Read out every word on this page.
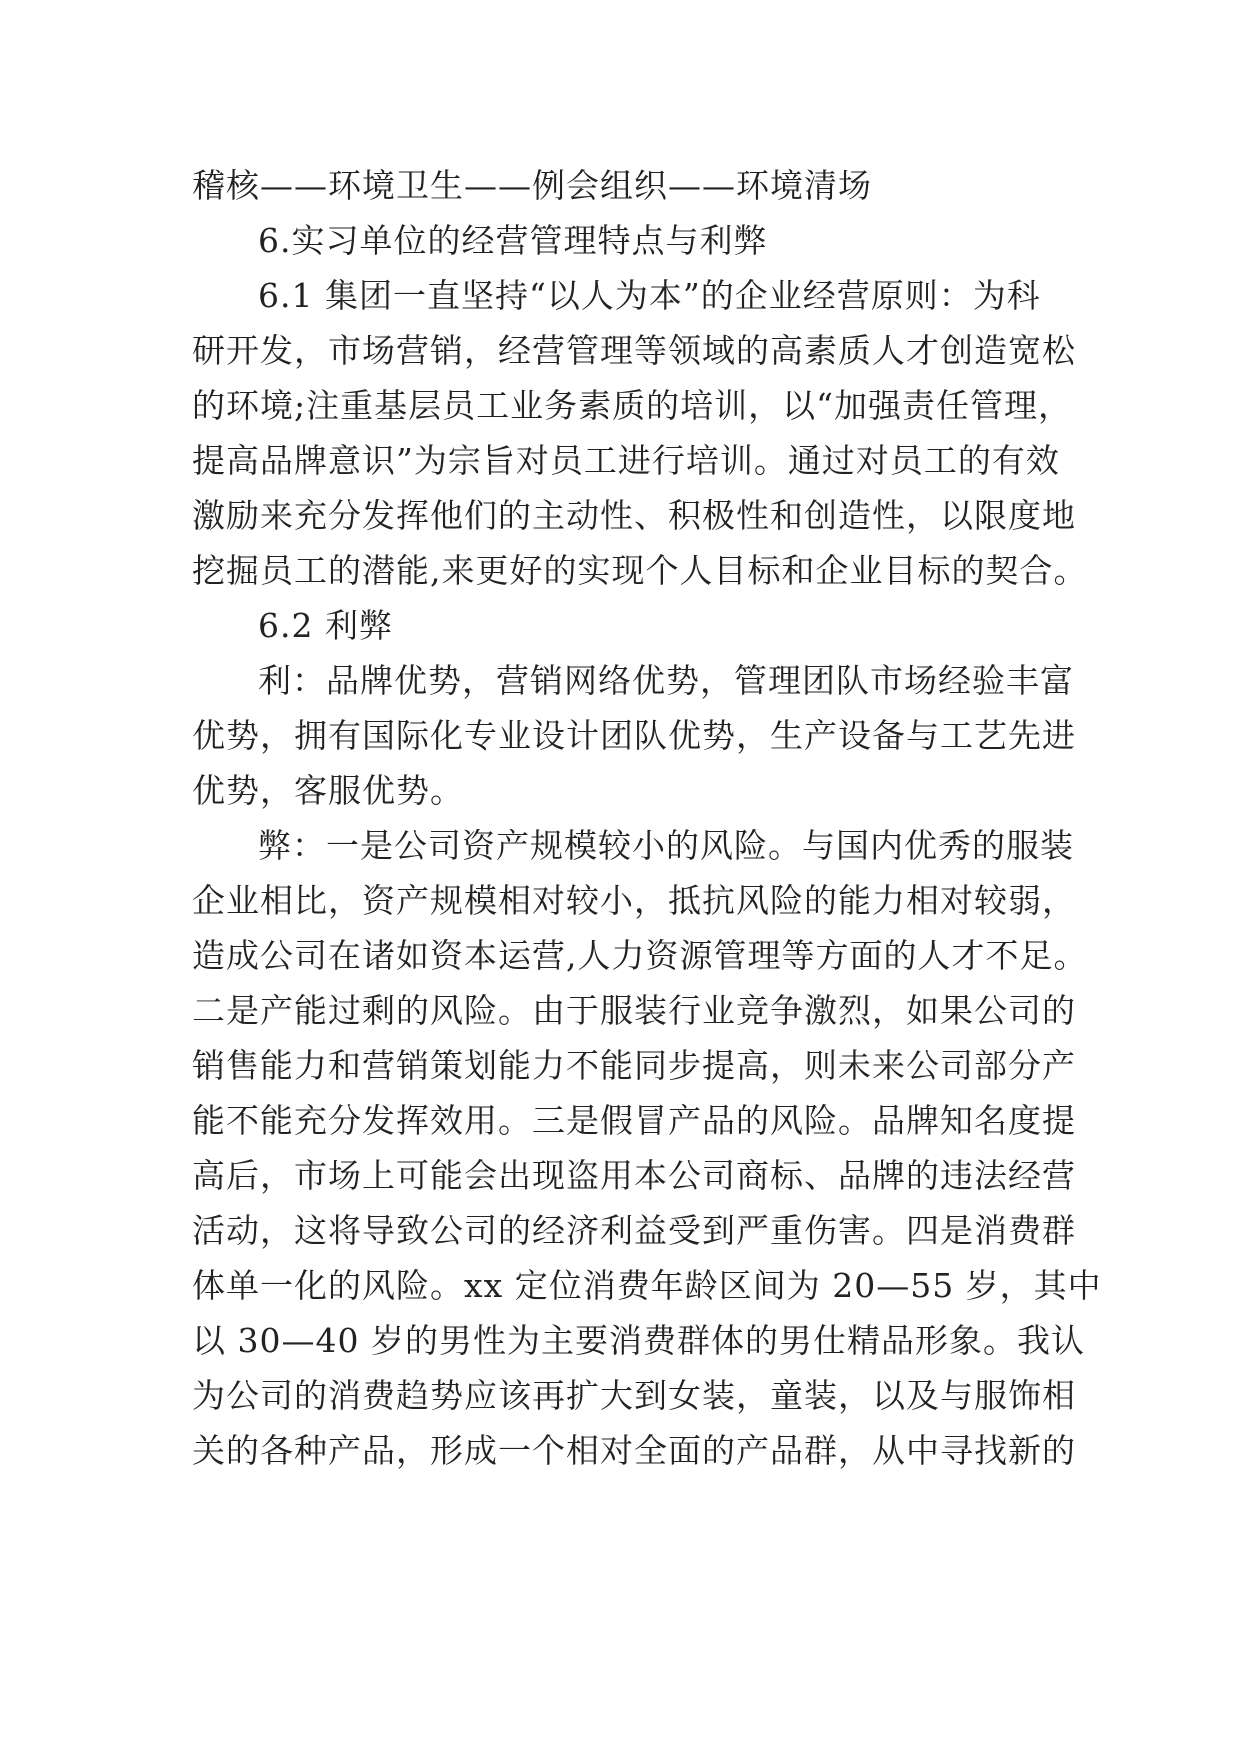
稽核——环境卫生——例会组织——环境清场
6.实习单位的经营管理特点与利弊
6.1 集团一直坚持“以人为本”的企业经营原则：为科
研开发，市场营销，经营管理等领域的高素质人才创造宽松
的环境;注重基层员工业务素质的培训，以“加强责任管理，
提高品牌意识”为宗旨对员工进行培训。通过对员工的有效
激励来充分发挥他们的主动性、积极性和创造性，以限度地
挖掘员工的潜能,来更好的实现个人目标和企业目标的契合。
6.2 利弊
利：品牌优势，营销网络优势，管理团队市场经验丰富
优势，拥有国际化专业设计团队优势，生产设备与工艺先进
优势，客服优势。
弊：一是公司资产规模较小的风险。与国内优秀的服装
企业相比，资产规模相对较小，抵抗风险的能力相对较弱，
造成公司在诸如资本运营,人力资源管理等方面的人才不足。
二是产能过剩的风险。由于服装行业竞争激烈，如果公司的
销售能力和营销策划能力不能同步提高，则未来公司部分产
能不能充分发挥效用。三是假冒产品的风险。品牌知名度提
高后，市场上可能会出现盗用本公司商标、品牌的违法经营
活动，这将导致公司的经济利益受到严重伤害。四是消费群
体单一化的风险。xx 定位消费年龄区间为 20—55 岁，其中
以 30—40 岁的男性为主要消费群体的男仕精品形象。我认
为公司的消费趋势应该再扩大到女装，童装，以及与服饰相
关的各种产品，形成一个相对全面的产品群，从中寻找新的
